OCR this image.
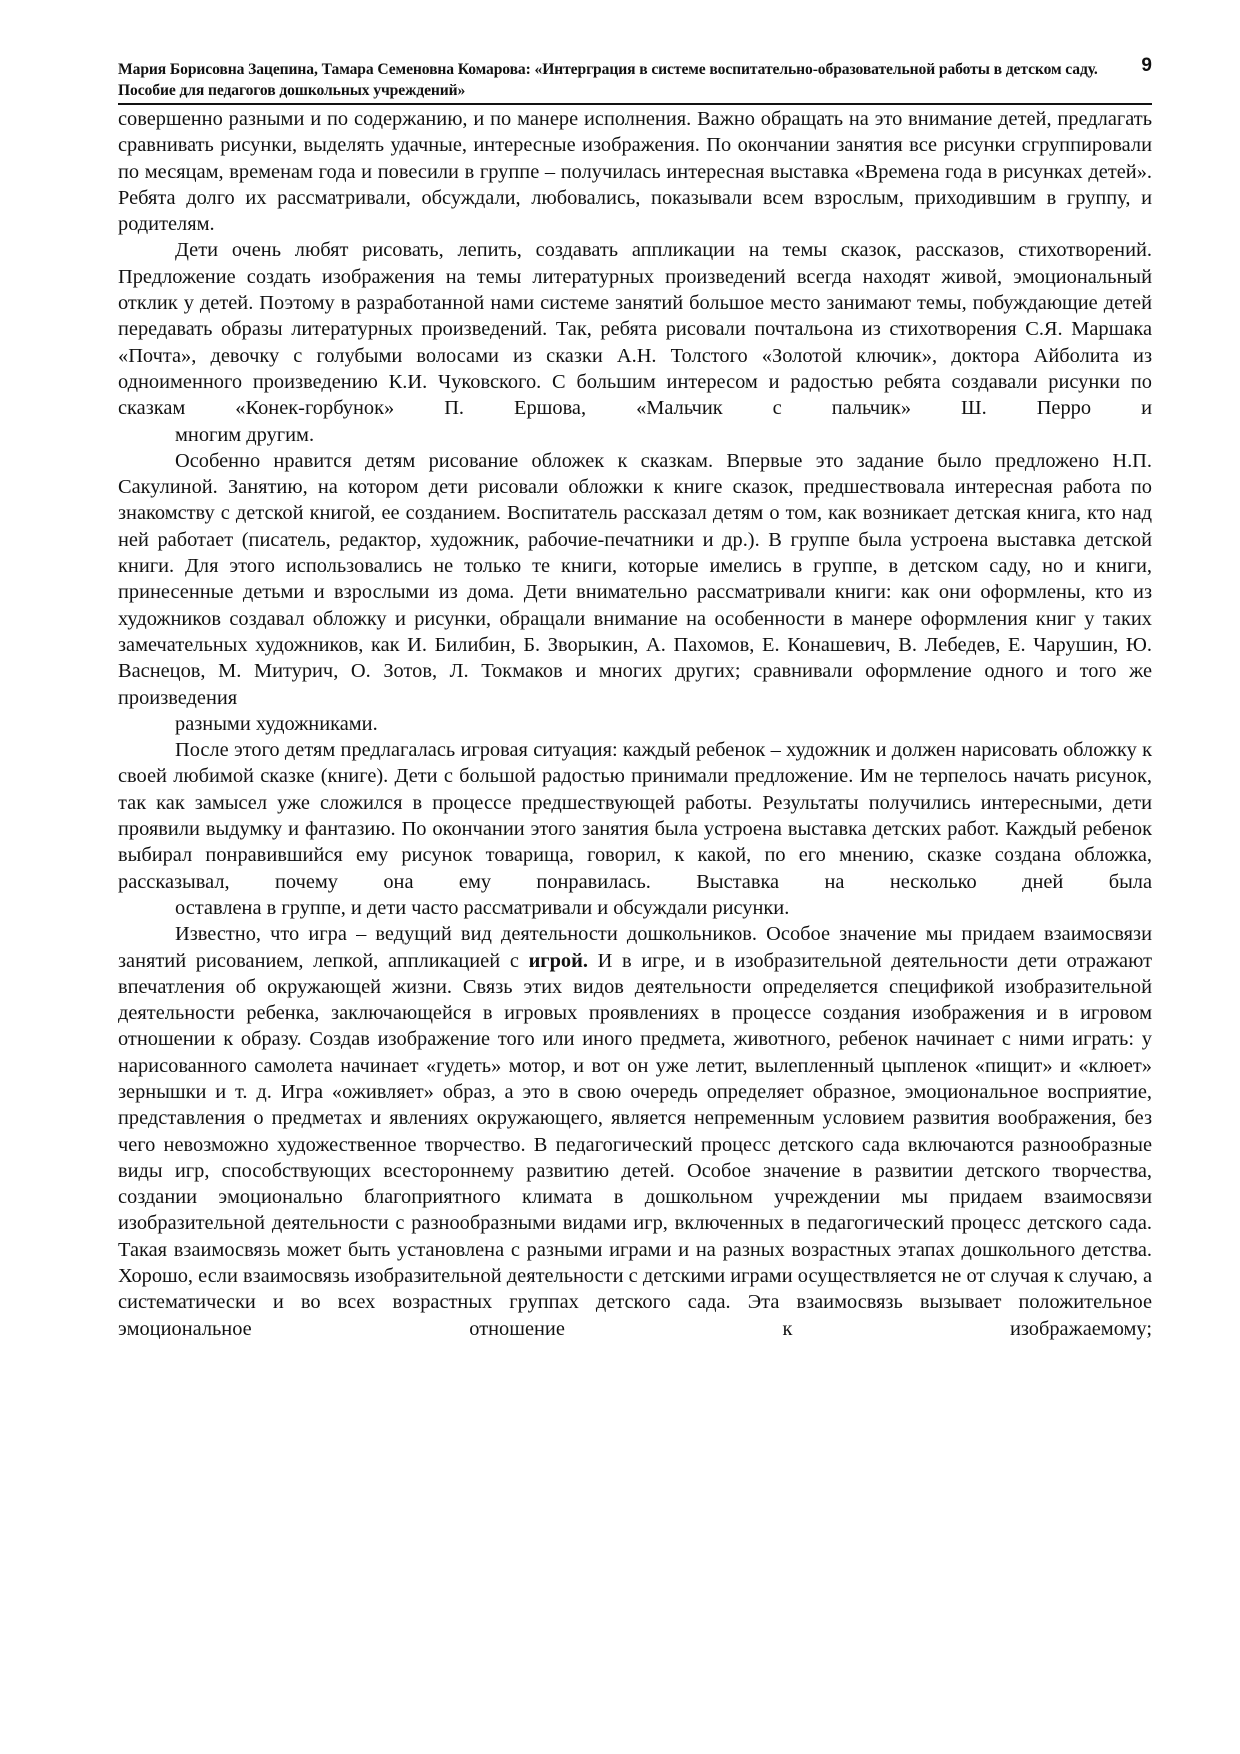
Мария Борисовна Зацепина, Тамара Семеновна Комарова: «Интергрaция в системе воспитательно-образовательной работы в детском саду. Пособие для педагогов дошкольных учреждений»
9

совершенно разными и по содержанию, и по манере исполнения. Важно обращать на это внимание детей, предлагать сравнивать рисунки, выделять удачные, интересные изображения. По окончании занятия все рисунки сгруппировали по месяцам, временам года и повесили в группе – получилась интересная выставка «Времена года в рисунках детей». Ребята долго их рассматривали, обсуждали, любовались, показывали всем взрослым, приходившим в группу, и
родителям.

Дети очень любят рисовать, лепить, создавать аппликации на темы сказок, рассказов, стихотворений. Предложение создать изображения на темы литературных произведений всегда находят живой, эмоциональный отклик у детей. Поэтому в разработанной нами системе занятий большое место занимают темы, побуждающие детей передавать образы литературных произведений. Так, ребята рисовали почтальона из стихотворения С.Я. Маршака «Почта», девочку с голубыми волосами из сказки А.Н. Толстого «Золотой ключик», доктора Айболита из одноименного произведению К.И. Чуковского. С большим интересом и радостью ребята создавали рисунки по сказкам «Конек-горбунок» П. Ершова, «Мальчик с пальчик» Ш. Перро и
многим другим.

Особенно нравится детям рисование обложек к сказкам. Впервые это задание было предложено Н.П. Сакулиной. Занятию, на котором дети рисовали обложки к книге сказок, предшествовала интересная работа по знакомству с детской книгой, ее созданием. Воспитатель рассказал детям о том, как возникает детская книга, кто над ней работает (писатель, редактор, художник, рабочие-печатники и др.). В группе была устроена выставка детской книги. Для этого использовались не только те книги, которые имелись в группе, в детском саду, но и книги, принесенные детьми и взрослыми из дома. Дети внимательно рассматривали книги: как они оформлены, кто из художников создавал обложку и рисунки, обращали внимание на особенности в манере оформления книг у таких замечательных художников, как И. Билибин, Б. Зворыкин, А. Пахомов, Е. Конашевич, В. Лебедев, Е. Чарушин, Ю. Васнецов, М. Митурич, О. Зотов, Л. Токмаков и многих других; сравнивали оформление одного и того же произведения
разными художниками.

После этого детям предлагалась игровая ситуация: каждый ребенок – художник и должен нарисовать обложку к своей любимой сказке (книге). Дети с большой радостью принимали предложение. Им не терпелось начать рисунок, так как замысел уже сложился в процессе предшествующей работы. Результаты получились интересными, дети проявили выдумку и фантазию. По окончании этого занятия была устроена выставка детских работ. Каждый ребенок выбирал понравившийся ему рисунок товарища, говорил, к какой, по его мнению, сказке создана обложка, рассказывал, почему она ему понравилась. Выставка на несколько дней была
оставлена в группе, и дети часто рассматривали и обсуждали рисунки.

Известно, что игра – ведущий вид деятельности дошкольников. Особое значение мы придаем взаимосвязи занятий рисованием, лепкой, аппликацией с игрой. И в игре, и в изобразительной деятельности дети отражают впечатления об окружающей жизни. Связь этих видов деятельности определяется спецификой изобразительной деятельности ребенка, заключающейся в игровых проявлениях в процессе создания изображения и в игровом отношении к образу. Создав изображение того или иного предмета, животного, ребенок начинает с ними играть: у нарисованного самолета начинает «гудеть» мотор, и вот он уже летит, вылепленный цыпленок «пищит» и «клюет» зернышки и т. д. Игра «оживляет» образ, а это в свою очередь определяет образное, эмоциональное восприятие, представления о предметах и явлениях окружающего, является непременным условием развития воображения, без чего невозможно художественное творчество. В педагогический процесс детского сада включаются разнообразные виды игр, способствующих всестороннему развитию детей. Особое значение в развитии детского творчества, создании эмоционально благоприятного климата в дошкольном учреждении мы придаем взаимосвязи изобразительной деятельности с разнообразными видами игр, включенных в педагогический процесс детского сада. Такая взаимосвязь может быть установлена с разными играми и на разных возрастных этапах дошкольного детства. Хорошо, если взаимосвязь изобразительной деятельности с детскими играми осуществляется не от случая к случаю, а систематически и во всех возрастных группах детского сада. Эта взаимосвязь вызывает положительное эмоциональное отношение к изображаемому;
